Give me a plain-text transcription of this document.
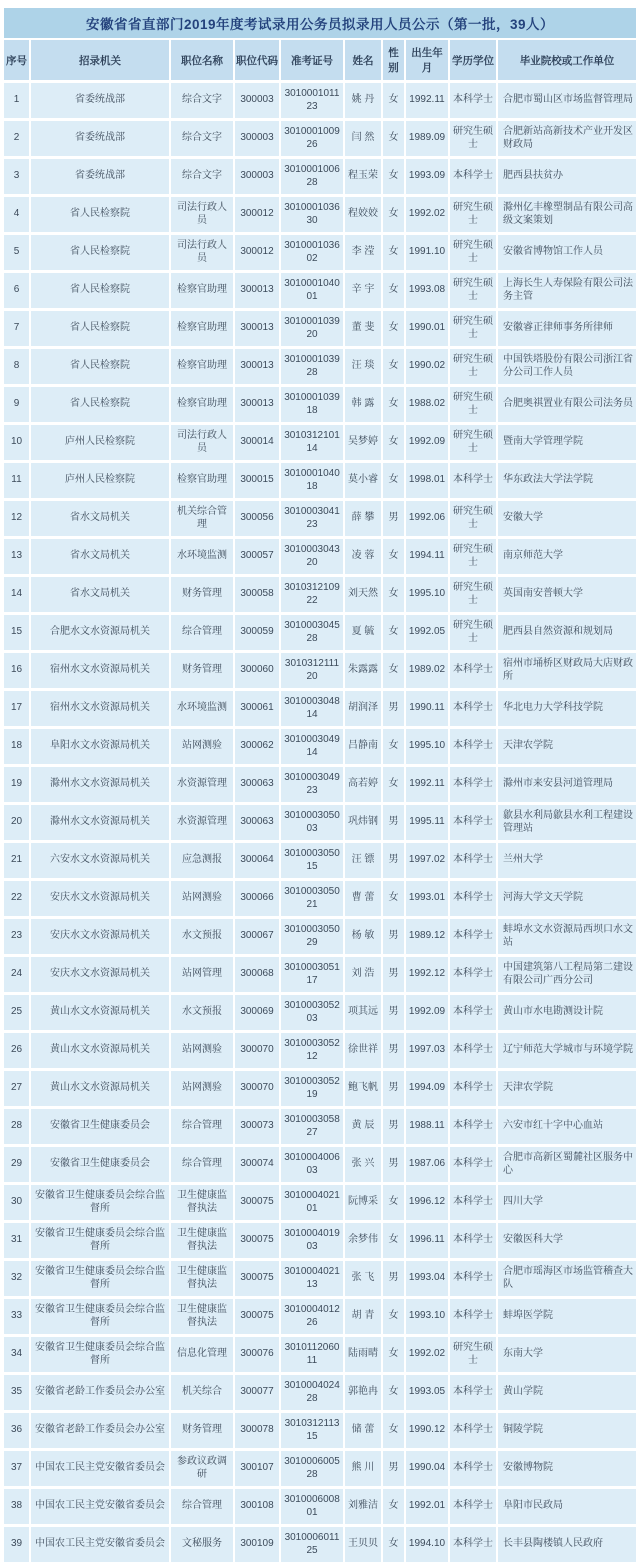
安徽省省直部门2019年度考试录用公务员拟录用人员公示（第一批，39人）
序号	招录机关	职位名称	职位代码	准考证号	姓名	性别	出生年月	学历学位	毕业院校或工作单位
1	省委统战部	综合文字	300003	301000101123	姚 丹	女	1992.11	本科学士	合肥市蜀山区市场监督管理局
2	省委统战部	综合文字	300003	301000100926	闫 然	女	1989.09	研究生硕士	合肥新站高新技术产业开发区财政局
3	省委统战部	综合文字	300003	301000100628	程玉荣	女	1993.09	本科学士	肥西县扶贫办
4	省人民检察院	司法行政人员	300012	301000103630	程姣姣	女	1992.02	研究生硕士	滁州亿丰橡塑制品有限公司高级文案策划
5	省人民检察院	司法行政人员	300012	301000103602	李 滢	女	1991.10	研究生硕士	安徽省博物馆工作人员
6	省人民检察院	检察官助理	300013	301000104001	辛 宇	女	1993.08	研究生硕士	上海长生人寿保险有限公司法务主管
7	省人民检察院	检察官助理	300013	301000103920	董 斐	女	1990.01	研究生硕士	安徽睿正律师事务所律师
8	省人民检察院	检察官助理	300013	301000103928	汪 琰	女	1990.02	研究生硕士	中国铁塔股份有限公司浙江省分公司工作人员
9	省人民检察院	检察官助理	300013	301000103918	韩 露	女	1988.02	研究生硕士	合肥奥祺置业有限公司法务员
10	庐州人民检察院	司法行政人员	300014	301031210114	吴梦婷	女	1992.09	研究生硕士	暨南大学管理学院
11	庐州人民检察院	检察官助理	300015	301000104018	莫小睿	女	1998.01	本科学士	华东政法大学法学院
12	省水文局机关	机关综合管理	300056	301000304123	薛 攀	男	1992.06	研究生硕士	安徽大学
13	省水文局机关	水环境监测	300057	301000304320	凌 蓉	女	1994.11	研究生硕士	南京师范大学
14	省水文局机关	财务管理	300058	301031210922	刘天然	女	1995.10	研究生硕士	英国南安普顿大学
15	合肥水文水资源局机关	综合管理	300059	301000304528	夏 毓	女	1992.05	研究生硕士	肥西县自然资源和规划局
16	宿州水文水资源局机关	财务管理	300060	301031211120	朱露露	女	1989.02	本科学士	宿州市埇桥区财政局大店财政所
17	宿州水文水资源局机关	水环境监测	300061	301000304814	胡润泽	男	1990.11	本科学士	华北电力大学科技学院
18	阜阳水文水资源局机关	站网测验	300062	301000304914	吕静南	女	1995.10	本科学士	天津农学院
19	滁州水文水资源局机关	水资源管理	300063	301000304923	高若婷	女	1992.11	本科学士	滁州市来安县河道管理局
20	滁州水文水资源局机关	水资源管理	300063	301000305003	巩炜钢	男	1995.11	本科学士	歙县水利局歙县水利工程建设管理站
21	六安水文水资源局机关	应急测报	300064	301000305015	汪 镖	男	1997.02	本科学士	兰州大学
22	安庆水文水资源局机关	站网测验	300066	301000305021	曹 蕾	女	1993.01	本科学士	河海大学文天学院
23	安庆水文水资源局机关	水文预报	300067	301000305029	杨 敏	男	1989.12	本科学士	蚌埠水文水资源局西坝口水文站
24	安庆水文水资源局机关	站网管理	300068	301000305117	刘 浩	男	1992.12	本科学士	中国建筑第八工程局第二建设有限公司广西分公司
25	黄山水文水资源局机关	水文预报	300069	301000305203	项其远	男	1992.09	本科学士	黄山市水电勘测设计院
26	黄山水文水资源局机关	站网测验	300070	301000305212	徐世祥	男	1997.03	本科学士	辽宁师范大学城市与环境学院
27	黄山水文水资源局机关	站网测验	300070	301000305219	鲍飞帆	男	1994.09	本科学士	天津农学院
28	安徽省卫生健康委员会	综合管理	300073	301000305827	黄 辰	男	1988.11	本科学士	六安市红十字中心血站
29	安徽省卫生健康委员会	综合管理	300074	301000400603	张 兴	男	1987.06	本科学士	合肥市高新区蜀麓社区服务中心
30	安徽省卫生健康委员会综合监督所	卫生健康监督执法	300075	301000402101	阮博采	女	1996.12	本科学士	四川大学
31	安徽省卫生健康委员会综合监督所	卫生健康监督执法	300075	301000401903	余梦伟	女	1996.11	本科学士	安徽医科大学
32	安徽省卫生健康委员会综合监督所	卫生健康监督执法	300075	301000402113	张 飞	男	1993.04	本科学士	合肥市瑶海区市场监管稽查大队
33	安徽省卫生健康委员会综合监督所	卫生健康监督执法	300075	301000401226	胡 青	女	1993.10	本科学士	蚌埠医学院
34	安徽省卫生健康委员会综合监督所	信息化管理	300076	301011206011	陆雨晴	女	1992.02	研究生硕士	东南大学
35	安徽省老龄工作委员会办公室	机关综合	300077	301000402428	郭艳冉	女	1993.05	本科学士	黄山学院
36	安徽省老龄工作委员会办公室	财务管理	300078	301031211315	储 蕾	女	1990.12	本科学士	铜陵学院
37	中国农工民主党安徽省委员会	参政议政调研	300107	301000600528	熊 川	男	1990.04	本科学士	安徽博物院
38	中国农工民主党安徽省委员会	综合管理	300108	301000600801	刘雅洁	女	1992.01	本科学士	阜阳市民政局
39	中国农工民主党安徽省委员会	文秘服务	300109	301000601125	王贝贝	女	1994.10	本科学士	长丰县陶楼镇人民政府
